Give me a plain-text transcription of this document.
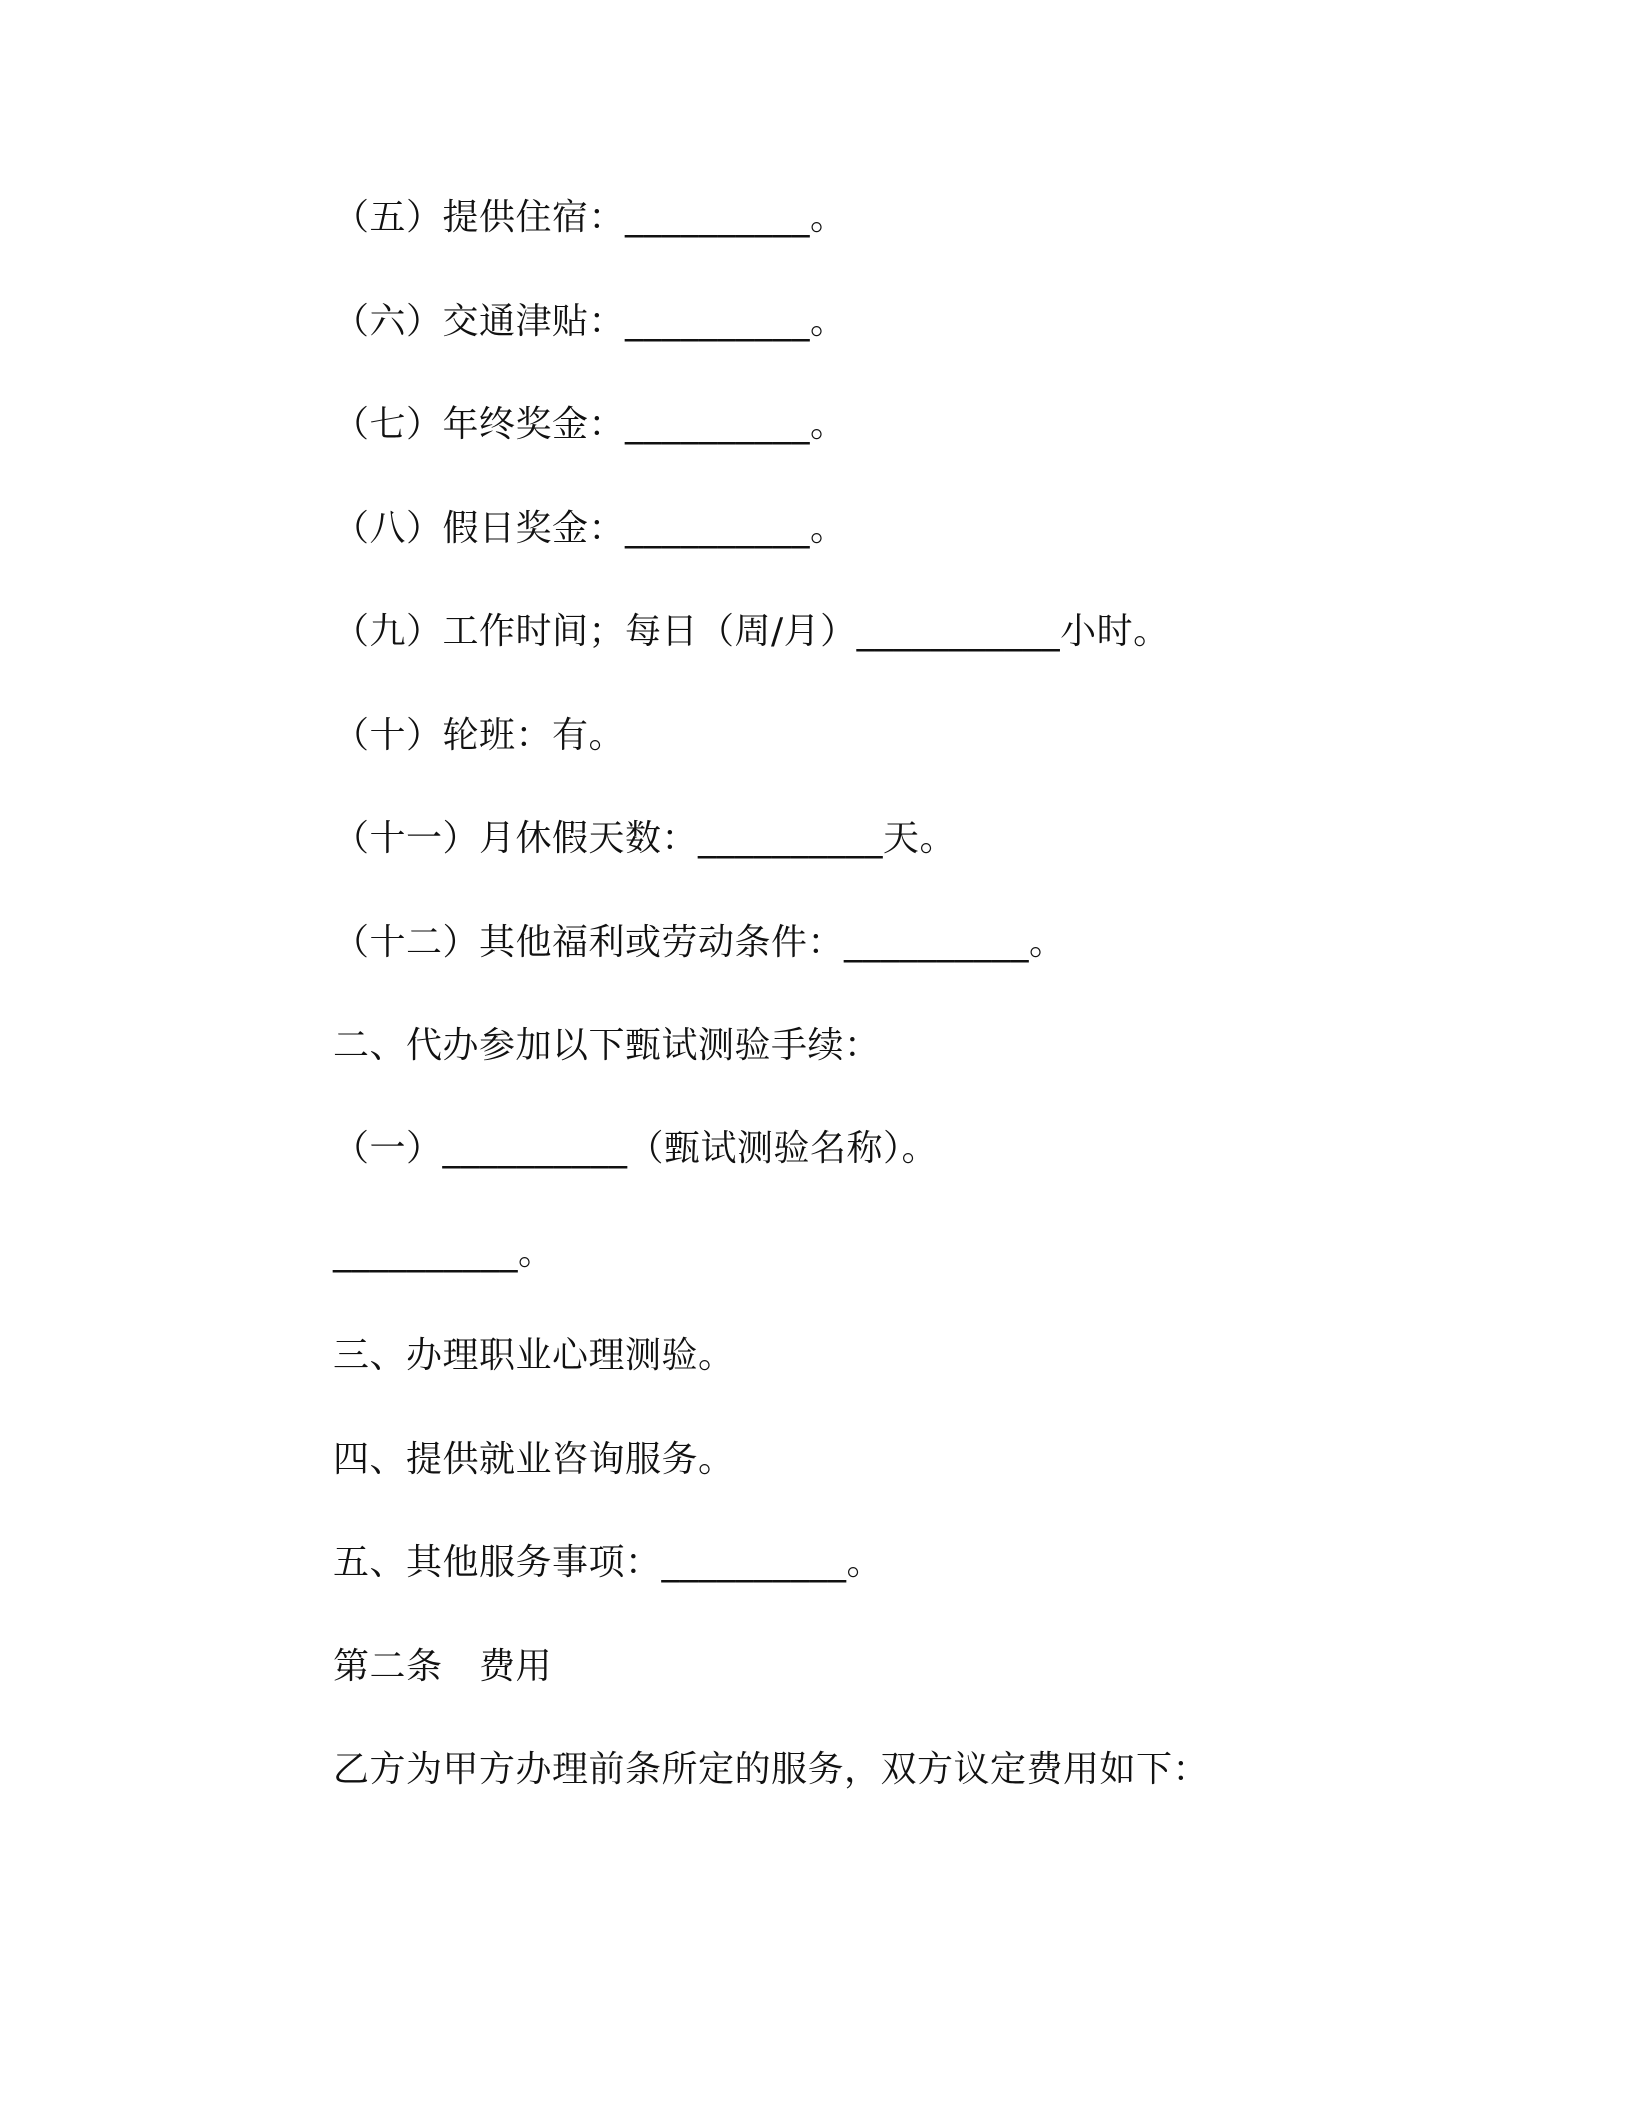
（五）提供住宿：__________。
（六）交通津贴：__________。
（七）年终奖金：__________。
（八）假日奖金：__________。
（九）工作时间；每日（周/月）___________小时。
（十）轮班：有。
（十一）月休假天数：__________天。
（十二）其他福利或劳动条件：__________。
二、代办参加以下甄试测验手续：
（一）__________（甄试测验名称）。
__________。
三、办理职业心理测验。
四、提供就业咨询服务。
五、其他服务事项：__________。
第二条　费用
乙方为甲方办理前条所定的服务，双方议定费用如下：
